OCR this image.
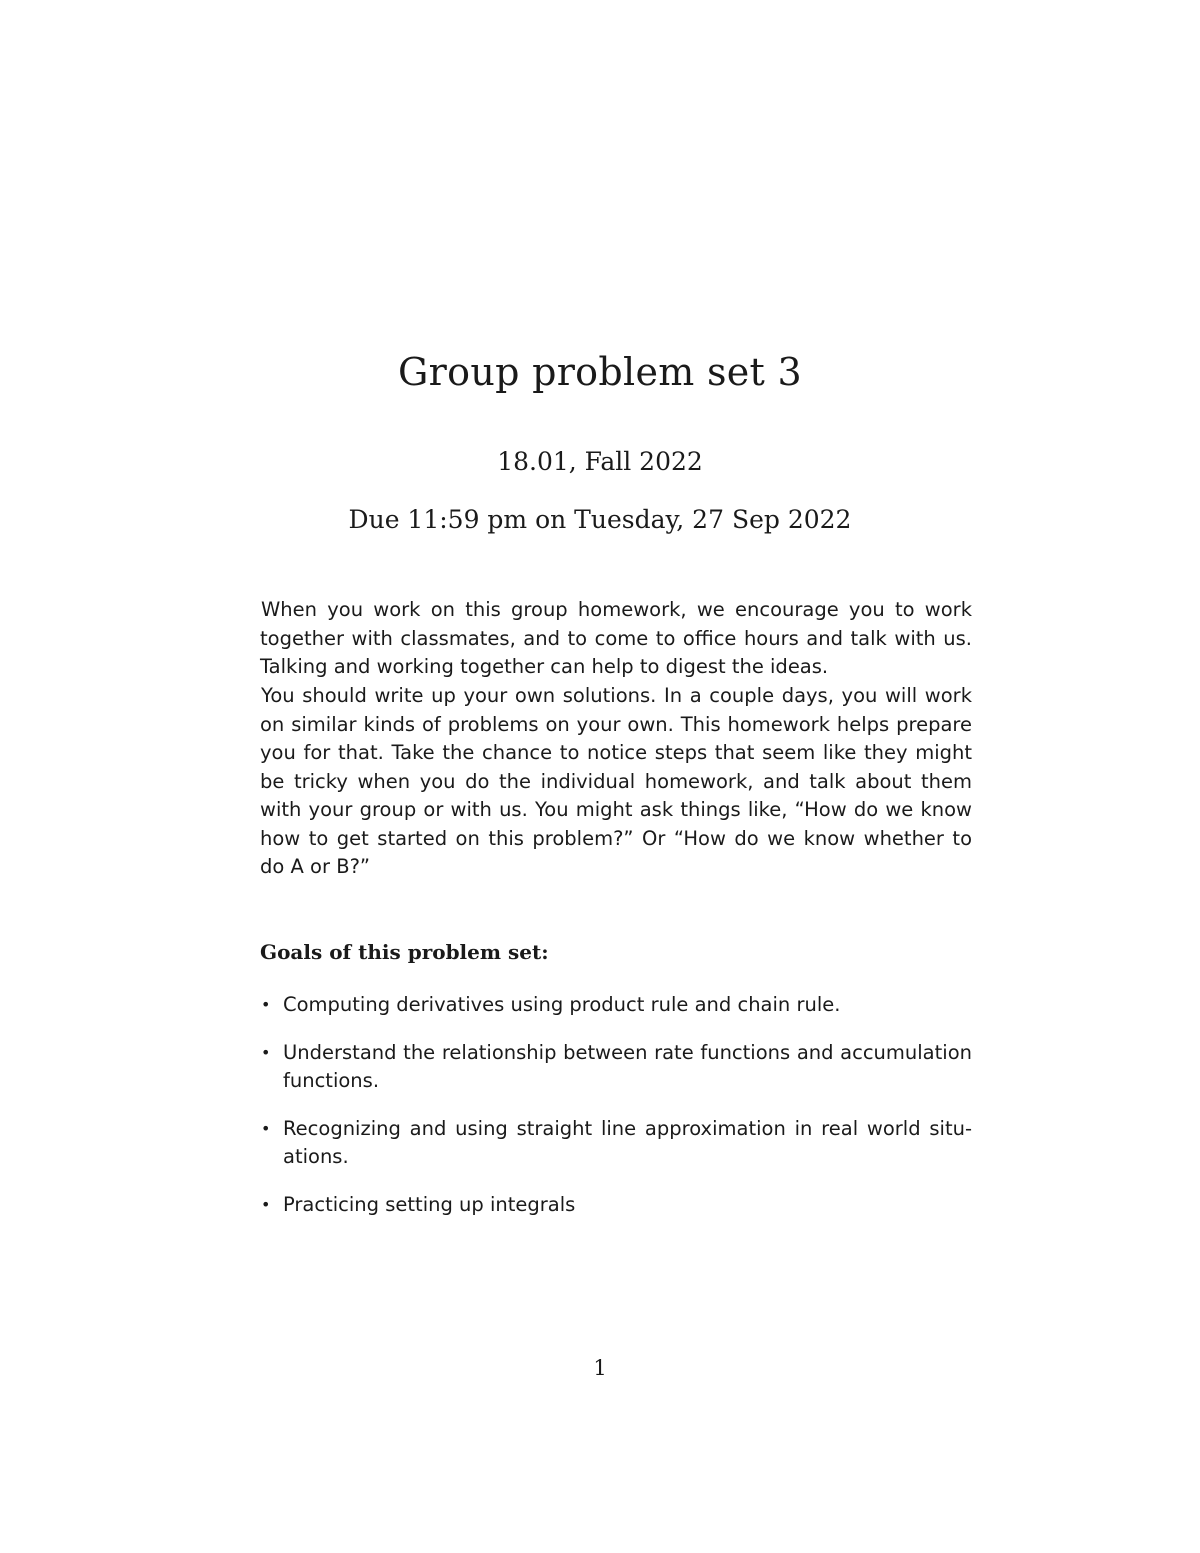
Group problem set 3
18.01, Fall 2022
Due 11:59 pm on Tuesday, 27 Sep 2022

When you work on this group homework, we encourage you to work together with classmates, and to come to office hours and talk with us. Talking and working together can help to digest the ideas.

You should write up your own solutions. In a couple days, you will work on similar kinds of problems on your own. This homework helps prepare you for that. Take the chance to notice steps that seem like they might be tricky when you do the individual homework, and talk about them with your group or with us. You might ask things like, “How do we know how to get started on this problem?” Or “How do we know whether to do A or B?”

Goals of this problem set:
• Computing derivatives using product rule and chain rule.
• Understand the relationship between rate functions and accumulation functions.
• Recognizing and using straight line approximation in real world situ-ations.
• Practicing setting up integrals
1
